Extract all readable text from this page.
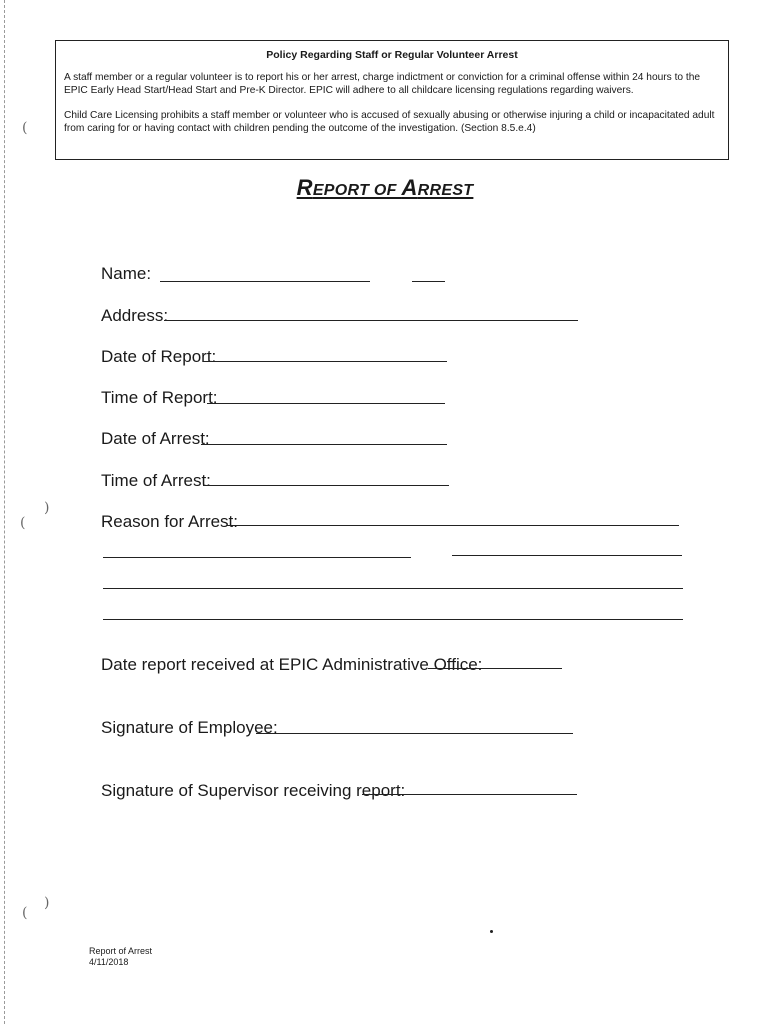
(
)
(
)
(
Policy Regarding Staff or Regular Volunteer Arrest

A staff member or a regular volunteer is to report his or her arrest, charge indictment or conviction for a criminal offense within 24 hours to the EPIC Early Head Start/Head Start and Pre-K Director. EPIC will adhere to all childcare licensing regulations regarding waivers.

Child Care Licensing prohibits a staff member or volunteer who is accused of sexually abusing or otherwise injuring a child or incapacitated adult from caring for or having contact with children pending the outcome of the investigation. (Section 8.5.e.4)

REPORT OF ARREST
Name:
Address:
Date of Report:
Time of Report:
Date of Arrest:
Time of Arrest:
Reason for Arrest:
Date report received at EPIC Administrative Office:
Signature of Employee:
Signature of Supervisor receiving report:
Report of Arrest
4/11/2018
